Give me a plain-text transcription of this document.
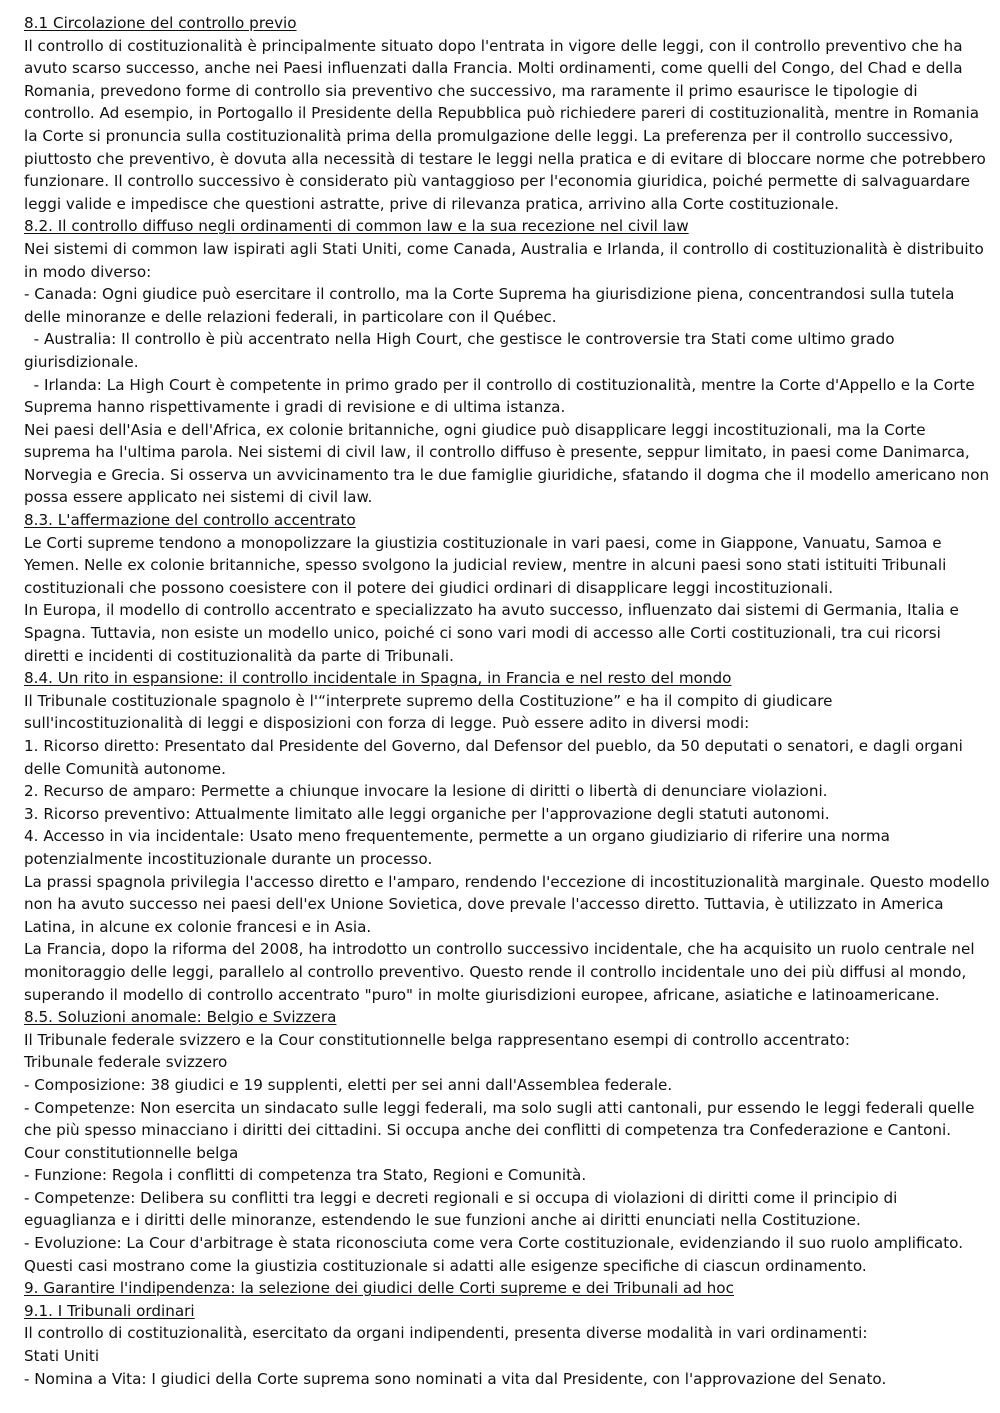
8.1 Circolazione del controllo previo
Il controllo di costituzionalità è principalmente situato dopo l'entrata in vigore delle leggi, con il controllo preventivo che ha avuto scarso successo, anche nei Paesi influenzati dalla Francia. Molti ordinamenti, come quelli del Congo, del Chad e della Romania, prevedono forme di controllo sia preventivo che successivo, ma raramente il primo esaurisce le tipologie di controllo. Ad esempio, in Portogallo il Presidente della Repubblica può richiedere pareri di costituzionalità, mentre in Romania la Corte si pronuncia sulla costituzionalità prima della promulgazione delle leggi. La preferenza per il controllo successivo, piuttosto che preventivo, è dovuta alla necessità di testare le leggi nella pratica e di evitare di bloccare norme che potrebbero funzionare. Il controllo successivo è considerato più vantaggioso per l'economia giuridica, poiché permette di salvaguardare leggi valide e impedisce che questioni astratte, prive di rilevanza pratica, arrivino alla Corte costituzionale.
8.2. Il controllo diffuso negli ordinamenti di common law e la sua recezione nel civil law
Nei sistemi di common law ispirati agli Stati Uniti, come Canada, Australia e Irlanda, il controllo di costituzionalità è distribuito in modo diverso:
- Canada: Ogni giudice può esercitare il controllo, ma la Corte Suprema ha giurisdizione piena, concentrandosi sulla tutela delle minoranze e delle relazioni federali, in particolare con il Québec.
- Australia: Il controllo è più accentrato nella High Court, che gestisce le controversie tra Stati come ultimo grado giurisdizionale.
- Irlanda: La High Court è competente in primo grado per il controllo di costituzionalità, mentre la Corte d'Appello e la Corte Suprema hanno rispettivamente i gradi di revisione e di ultima istanza.
Nei paesi dell'Asia e dell'Africa, ex colonie britanniche, ogni giudice può disapplicare leggi incostituzionali, ma la Corte suprema ha l'ultima parola. Nei sistemi di civil law, il controllo diffuso è presente, seppur limitato, in paesi come Danimarca, Norvegia e Grecia. Si osserva un avvicinamento tra le due famiglie giuridiche, sfatando il dogma che il modello americano non possa essere applicato nei sistemi di civil law.
8.3. L'affermazione del controllo accentrato
Le Corti supreme tendono a monopolizzare la giustizia costituzionale in vari paesi, come in Giappone, Vanuatu, Samoa e Yemen. Nelle ex colonie britanniche, spesso svolgono la judicial review, mentre in alcuni paesi sono stati istituiti Tribunali costituzionali che possono coesistere con il potere dei giudici ordinari di disapplicare leggi incostituzionali.
In Europa, il modello di controllo accentrato e specializzato ha avuto successo, influenzato dai sistemi di Germania, Italia e Spagna. Tuttavia, non esiste un modello unico, poiché ci sono vari modi di accesso alle Corti costituzionali, tra cui ricorsi diretti e incidenti di costituzionalità da parte di Tribunali.
8.4. Un rito in espansione: il controllo incidentale in Spagna, in Francia e nel resto del mondo
Il Tribunale costituzionale spagnolo è l'“interprete supremo della Costituzione” e ha il compito di giudicare sull'incostituzionalità di leggi e disposizioni con forza di legge. Può essere adito in diversi modi:
1. Ricorso diretto: Presentato dal Presidente del Governo, dal Defensor del pueblo, da 50 deputati o senatori, e dagli organi delle Comunità autonome.
2. Recurso de amparo: Permette a chiunque invocare la lesione di diritti o libertà di denunciare violazioni.
3. Ricorso preventivo: Attualmente limitato alle leggi organiche per l'approvazione degli statuti autonomi.
4. Accesso in via incidentale: Usato meno frequentemente, permette a un organo giudiziario di riferire una norma potenzialmente incostituzionale durante un processo.
La prassi spagnola privilegia l'accesso diretto e l'amparo, rendendo l'eccezione di incostituzionalità marginale. Questo modello non ha avuto successo nei paesi dell'ex Unione Sovietica, dove prevale l'accesso diretto. Tuttavia, è utilizzato in America Latina, in alcune ex colonie francesi e in Asia.
La Francia, dopo la riforma del 2008, ha introdotto un controllo successivo incidentale, che ha acquisito un ruolo centrale nel monitoraggio delle leggi, parallelo al controllo preventivo. Questo rende il controllo incidentale uno dei più diffusi al mondo, superando il modello di controllo accentrato "puro" in molte giurisdizioni europee, africane, asiatiche e latinoamericane.
8.5. Soluzioni anomale: Belgio e Svizzera
Il Tribunale federale svizzero e la Cour constitutionnelle belga rappresentano esempi di controllo accentrato:
Tribunale federale svizzero
- Composizione: 38 giudici e 19 supplenti, eletti per sei anni dall'Assemblea federale.
- Competenze: Non esercita un sindacato sulle leggi federali, ma solo sugli atti cantonali, pur essendo le leggi federali quelle che più spesso minacciano i diritti dei cittadini. Si occupa anche dei conflitti di competenza tra Confederazione e Cantoni.
Cour constitutionnelle belga
- Funzione: Regola i conflitti di competenza tra Stato, Regioni e Comunità.
- Competenze: Delibera su conflitti tra leggi e decreti regionali e si occupa di violazioni di diritti come il principio di eguaglianza e i diritti delle minoranze, estendendo le sue funzioni anche ai diritti enunciati nella Costituzione.
- Evoluzione: La Cour d'arbitrage è stata riconosciuta come vera Corte costituzionale, evidenziando il suo ruolo amplificato.
Questi casi mostrano come la giustizia costituzionale si adatti alle esigenze specifiche di ciascun ordinamento.
9. Garantire l'indipendenza: la selezione dei giudici delle Corti supreme e dei Tribunali ad hoc
9.1. I Tribunali ordinari
Il controllo di costituzionalità, esercitato da organi indipendenti, presenta diverse modalità in vari ordinamenti:
Stati Uniti
- Nomina a Vita: I giudici della Corte suprema sono nominati a vita dal Presidente, con l'approvazione del Senato.
